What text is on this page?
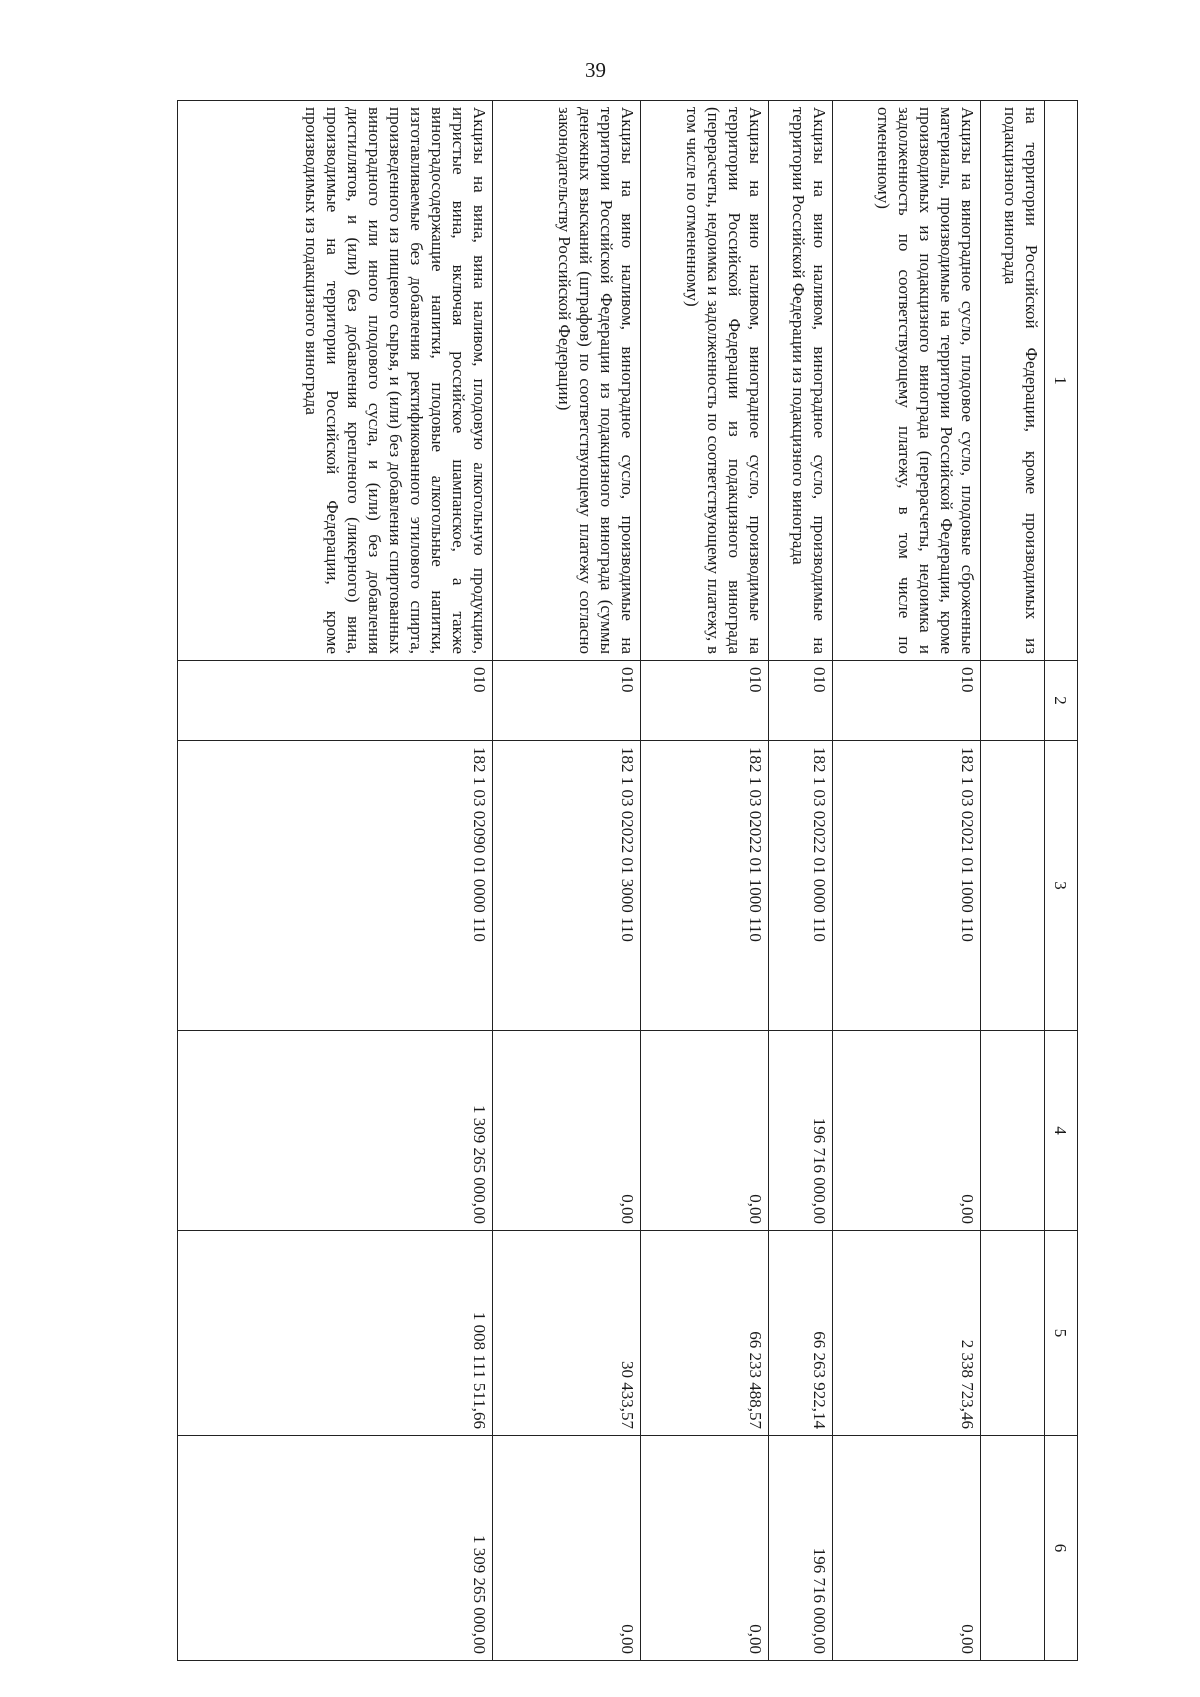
39
1	2	3	4	5	6
на территории Российской Федерации, кроме производимых из подакцизного винограда					
Акцизы на виноградное сусло, плодовое сусло, плодовые сброженные материалы, производимые на территории Российской Федерации, кроме производимых из подакцизного винограда (перерасчеты, недоимка и задолженность по соответствующему платежу, в том числе по отмененному)	010	182 1 03 02021 01 1000 110	0,00	2 338 723,46	0,00
Акцизы на вино наливом, виноградное сусло, производимые на территории Российской Федерации из подакцизного винограда	010	182 1 03 02022 01 0000 110	196 716 000,00	66 263 922,14	196 716 000,00
Акцизы на вино наливом, виноградное сусло, производимые на территории Российской Федерации из подакцизного винограда (перерасчеты, недоимка и задолженность по соответствующему платежу, в том числе по отмененному)	010	182 1 03 02022 01 1000 110	0,00	66 233 488,57	0,00
Акцизы на вино наливом, виноградное сусло, производимые на территории Российской Федерации из подакцизного винограда (суммы денежных взысканий (штрафов) по соответствующему платежу согласно законодательству Российской Федерации)	010	182 1 03 02022 01 3000 110	0,00	30 433,57	0,00
Акцизы на вина, вина наливом, плодовую алкогольную продукцию, игристые вина, включая российское шампанское, а также виноградосодержащие напитки, плодовые алкогольные напитки, изготавливаемые без добавления ректификованного этилового спирта, произведенного из пищевого сырья, и (или) без добавления спиртованных виноградного или иного плодового сусла, и (или) без добавления дистиллятов, и (или) без добавления крепленого (ликерного) вина, производимые на территории Российской Федерации, кроме производимых из подакцизного винограда	010	182 1 03 02090 01 0000 110	1 309 265 000,00	1 008 111 511,66	1 309 265 000,00
